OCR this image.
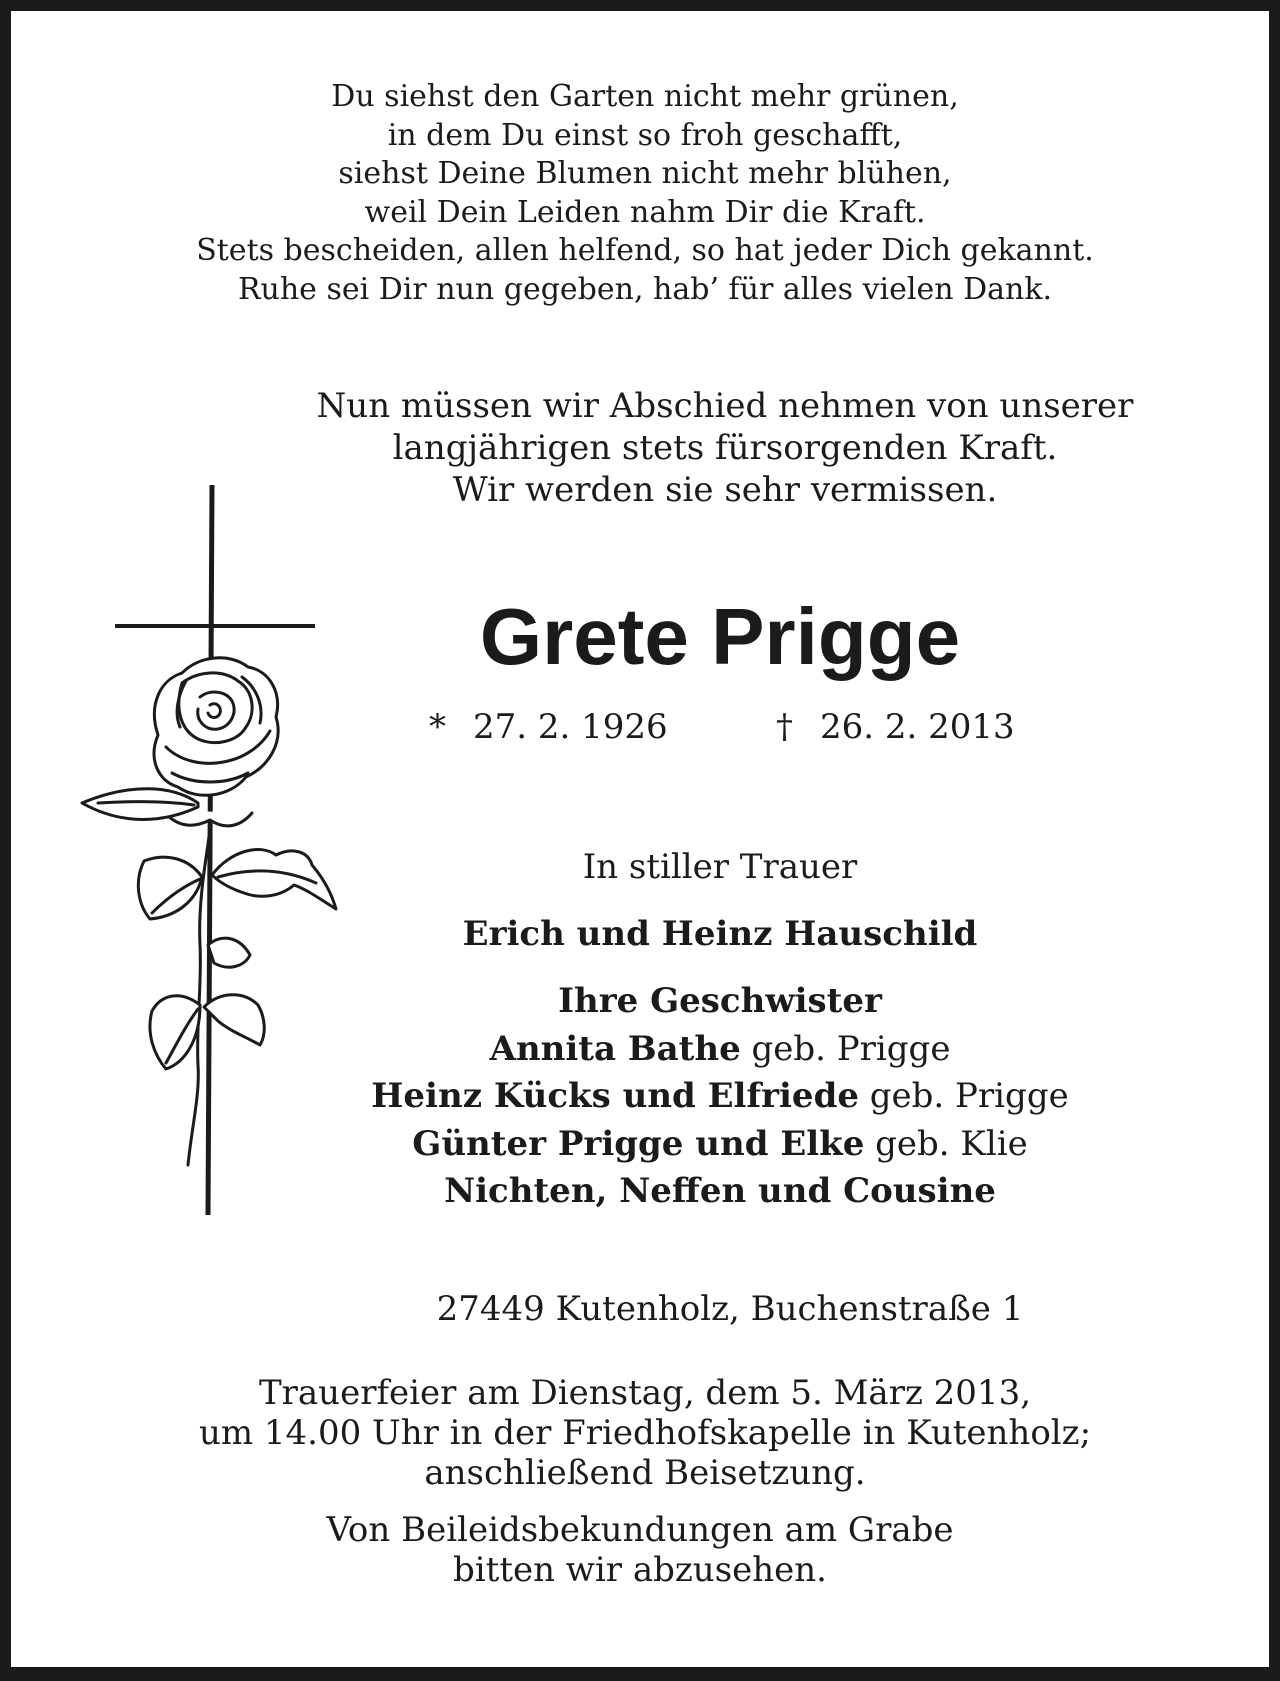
Du siehst den Garten nicht mehr grünen,
in dem Du einst so froh geschafft,
siehst Deine Blumen nicht mehr blühen,
weil Dein Leiden nahm Dir die Kraft.
Stets bescheiden, allen helfend, so hat jeder Dich gekannt.
Ruhe sei Dir nun gegeben, hab’ für alles vielen Dank.
Nun müssen wir Abschied nehmen von unserer
langjährigen stets fürsorgenden Kraft.
Wir werden sie sehr vermissen.
Grete Prigge
* 27. 2. 1926	† 26. 2. 2013
In stiller Trauer
Erich und Heinz Hauschild
Ihre Geschwister
Annita Bathe geb. Prigge
Heinz Kücks und Elfriede geb. Prigge
Günter Prigge und Elke geb. Klie
Nichten, Neffen und Cousine
27449 Kutenholz, Buchenstraße 1
Trauerfeier am Dienstag, dem 5. März 2013,
um 14.00 Uhr in der Friedhofskapelle in Kutenholz;
anschließend Beisetzung.
Von Beileidsbekundungen am Grabe
bitten wir abzusehen.
